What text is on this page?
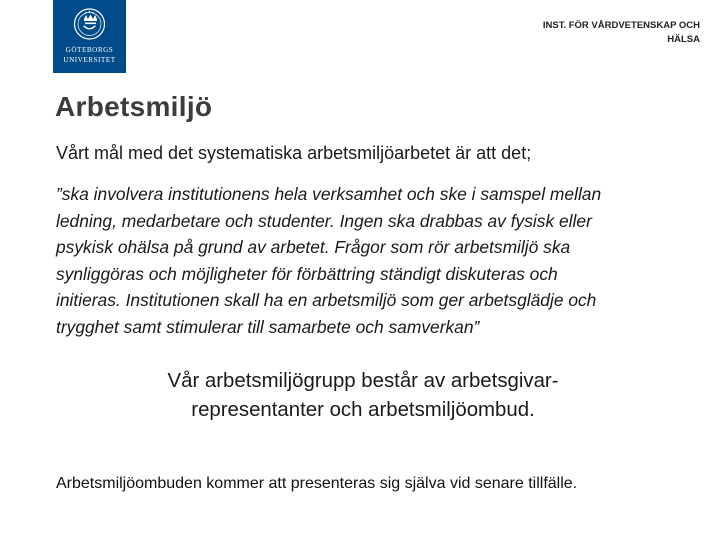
GÖTEBORGS
UNIVERSITET
INST. FÖR VÅRDVETENSKAP OCH
HÄLSA
Arbetsmiljö

Vårt mål med det systematiska arbetsmiljöarbetet är att det;

”ska involvera institutionens hela verksamhet och ske i samspel mellan
ledning, medarbetare och studenter. Ingen ska drabbas av fysisk eller
psykisk ohälsa på grund av arbetet. Frågor som rör arbetsmiljö ska
synliggöras och möjligheter för förbättring ständigt diskuteras och
initieras. Institutionen skall ha en arbetsmiljö som ger arbetsglädje och
trygghet samt stimulerar till samarbete och samverkan”

Vår arbetsmiljögrupp består av arbetsgivar-
representanter och arbetsmiljöombud.

Arbetsmiljöombuden kommer att presenteras sig själva vid senare tillfälle.
